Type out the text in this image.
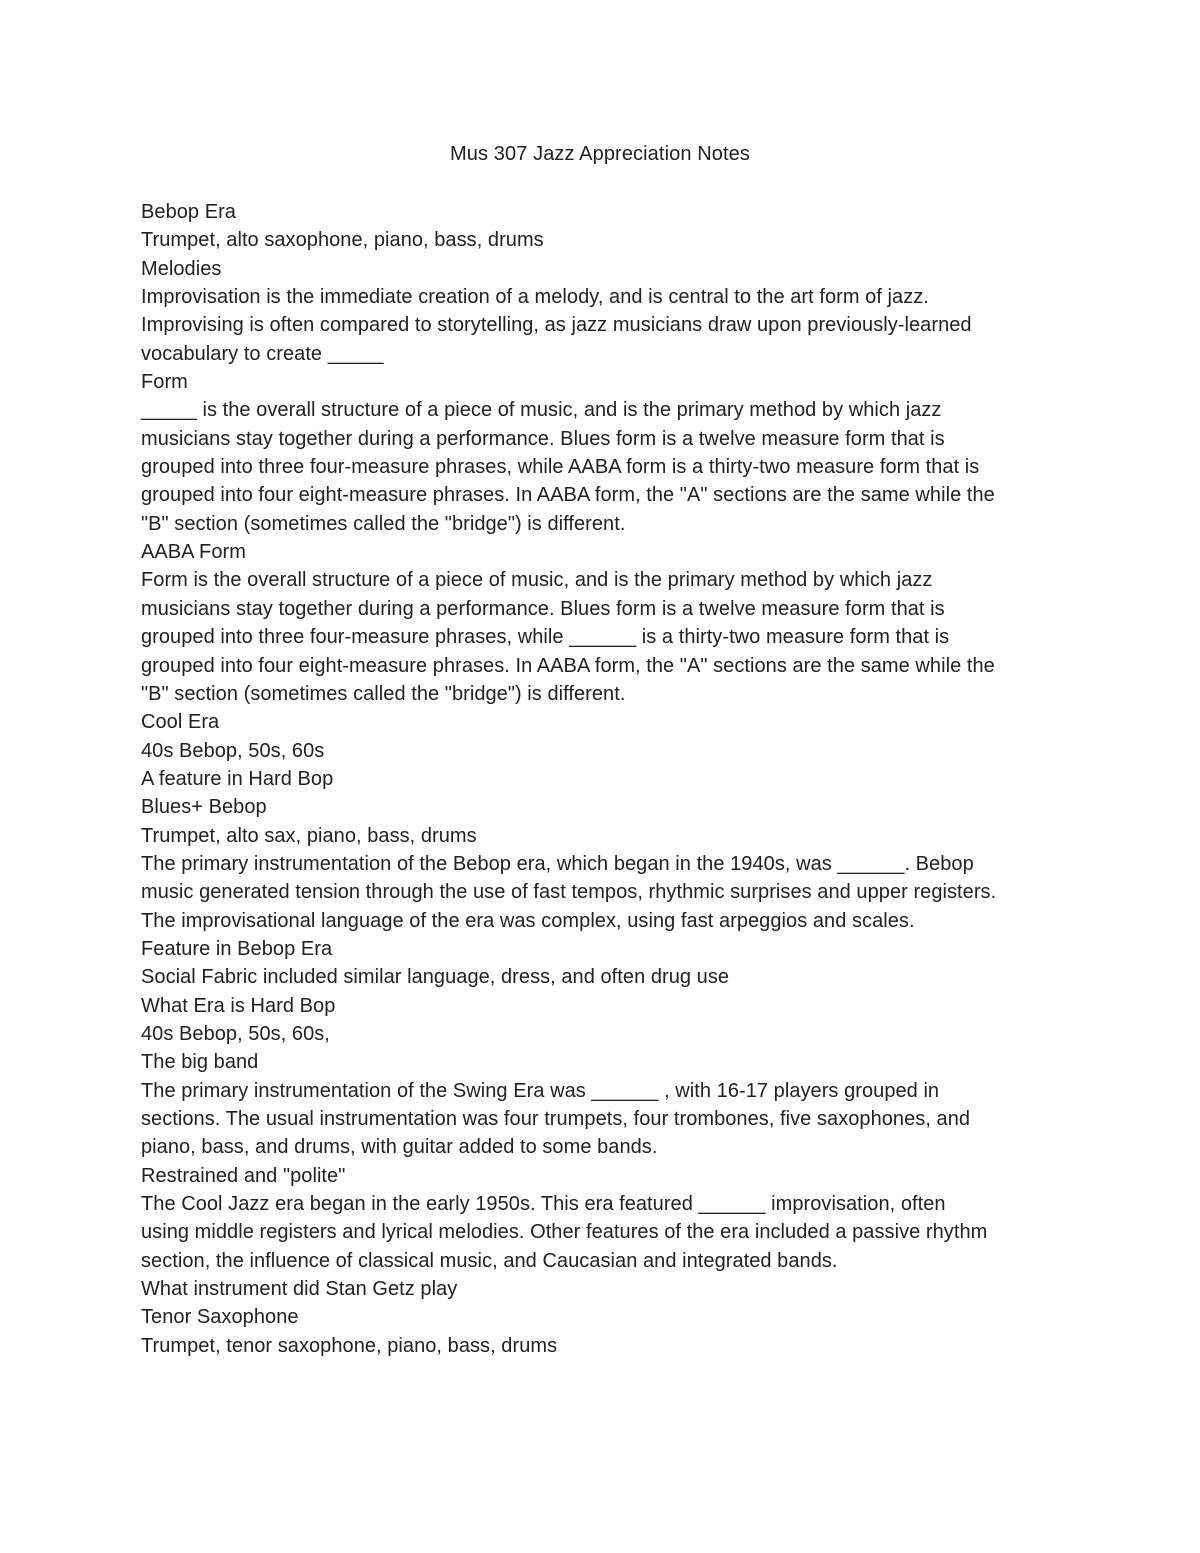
Mus 307 Jazz Appreciation Notes
Bebop Era
Trumpet, alto saxophone, piano, bass, drums
Melodies
Improvisation is the immediate creation of a melody, and is central to the art form of jazz.
Improvising is often compared to storytelling, as jazz musicians draw upon previously-learned
vocabulary to create _____
Form
_____ is the overall structure of a piece of music, and is the primary method by which jazz
musicians stay together during a performance. Blues form is a twelve measure form that is
grouped into three four-measure phrases, while AABA form is a thirty-two measure form that is
grouped into four eight-measure phrases. In AABA form, the "A" sections are the same while the
"B" section (sometimes called the "bridge") is different.
AABA Form
Form is the overall structure of a piece of music, and is the primary method by which jazz
musicians stay together during a performance. Blues form is a twelve measure form that is
grouped into three four-measure phrases, while ______ is a thirty-two measure form that is
grouped into four eight-measure phrases. In AABA form, the "A" sections are the same while the
"B" section (sometimes called the "bridge") is different.
Cool Era
40s Bebop, 50s, 60s
A feature in Hard Bop
Blues+ Bebop
Trumpet, alto sax, piano, bass, drums
The primary instrumentation of the Bebop era, which began in the 1940s, was ______. Bebop
music generated tension through the use of fast tempos, rhythmic surprises and upper registers.
The improvisational language of the era was complex, using fast arpeggios and scales.
Feature in Bebop Era
Social Fabric included similar language, dress, and often drug use
What Era is Hard Bop
40s Bebop, 50s, 60s,
The big band
The primary instrumentation of the Swing Era was ______ , with 16-17 players grouped in
sections. The usual instrumentation was four trumpets, four trombones, five saxophones, and
piano, bass, and drums, with guitar added to some bands.
Restrained and "polite"
The Cool Jazz era began in the early 1950s. This era featured ______ improvisation, often
using middle registers and lyrical melodies. Other features of the era included a passive rhythm
section, the influence of classical music, and Caucasian and integrated bands.
What instrument did Stan Getz play
Tenor Saxophone
Trumpet, tenor saxophone, piano, bass, drums
